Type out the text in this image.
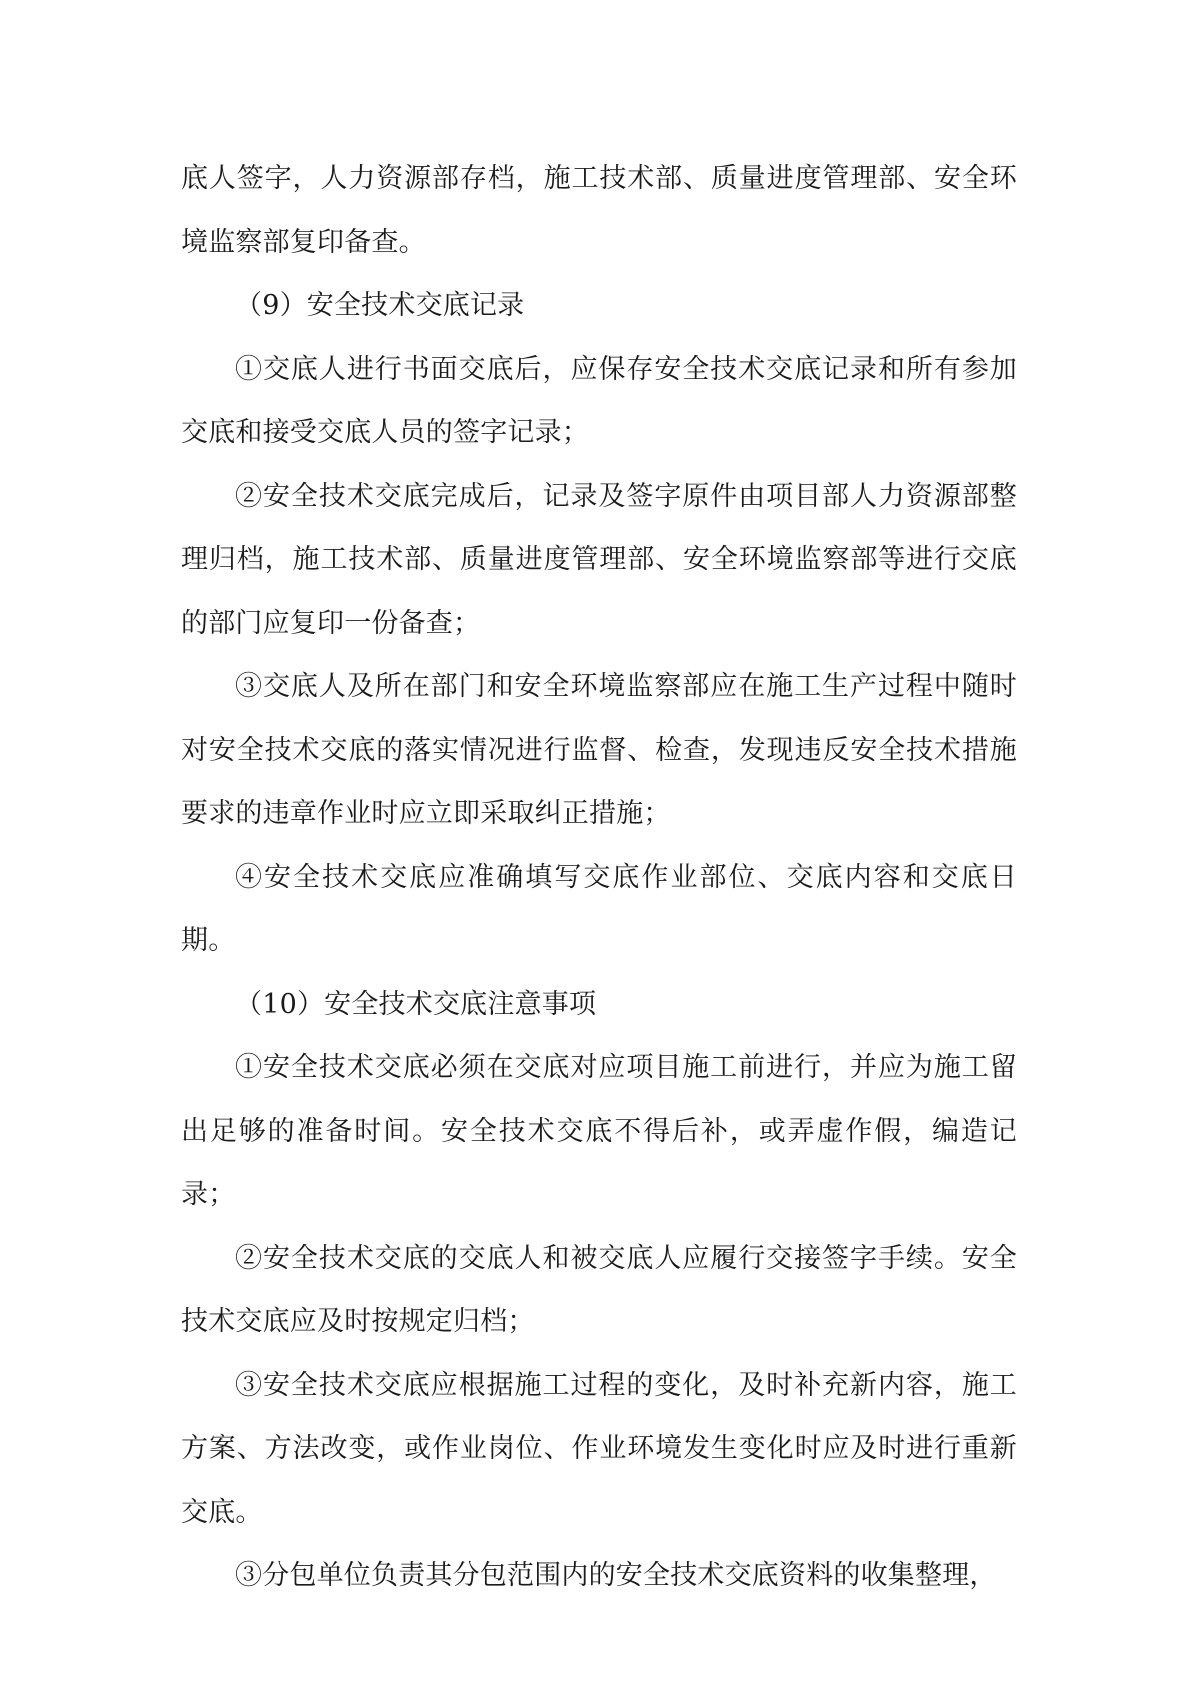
底人签字，人力资源部存档，施工技术部、质量进度管理部、安全环境监察部复印备查。

（9）安全技术交底记录

①交底人进行书面交底后，应保存安全技术交底记录和所有参加交底和接受交底人员的签字记录；

②安全技术交底完成后，记录及签字原件由项目部人力资源部整理归档，施工技术部、质量进度管理部、安全环境监察部等进行交底的部门应复印一份备查；

③交底人及所在部门和安全环境监察部应在施工生产过程中随时对安全技术交底的落实情况进行监督、检查，发现违反安全技术措施要求的违章作业时应立即采取纠正措施；

④安全技术交底应准确填写交底作业部位、交底内容和交底日期。

（10）安全技术交底注意事项

①安全技术交底必须在交底对应项目施工前进行，并应为施工留出足够的准备时间。安全技术交底不得后补，或弄虚作假，编造记录；

②安全技术交底的交底人和被交底人应履行交接签字手续。安全技术交底应及时按规定归档；

③安全技术交底应根据施工过程的变化，及时补充新内容，施工方案、方法改变，或作业岗位、作业环境发生变化时应及时进行重新交底。

③分包单位负责其分包范围内的安全技术交底资料的收集整理，
